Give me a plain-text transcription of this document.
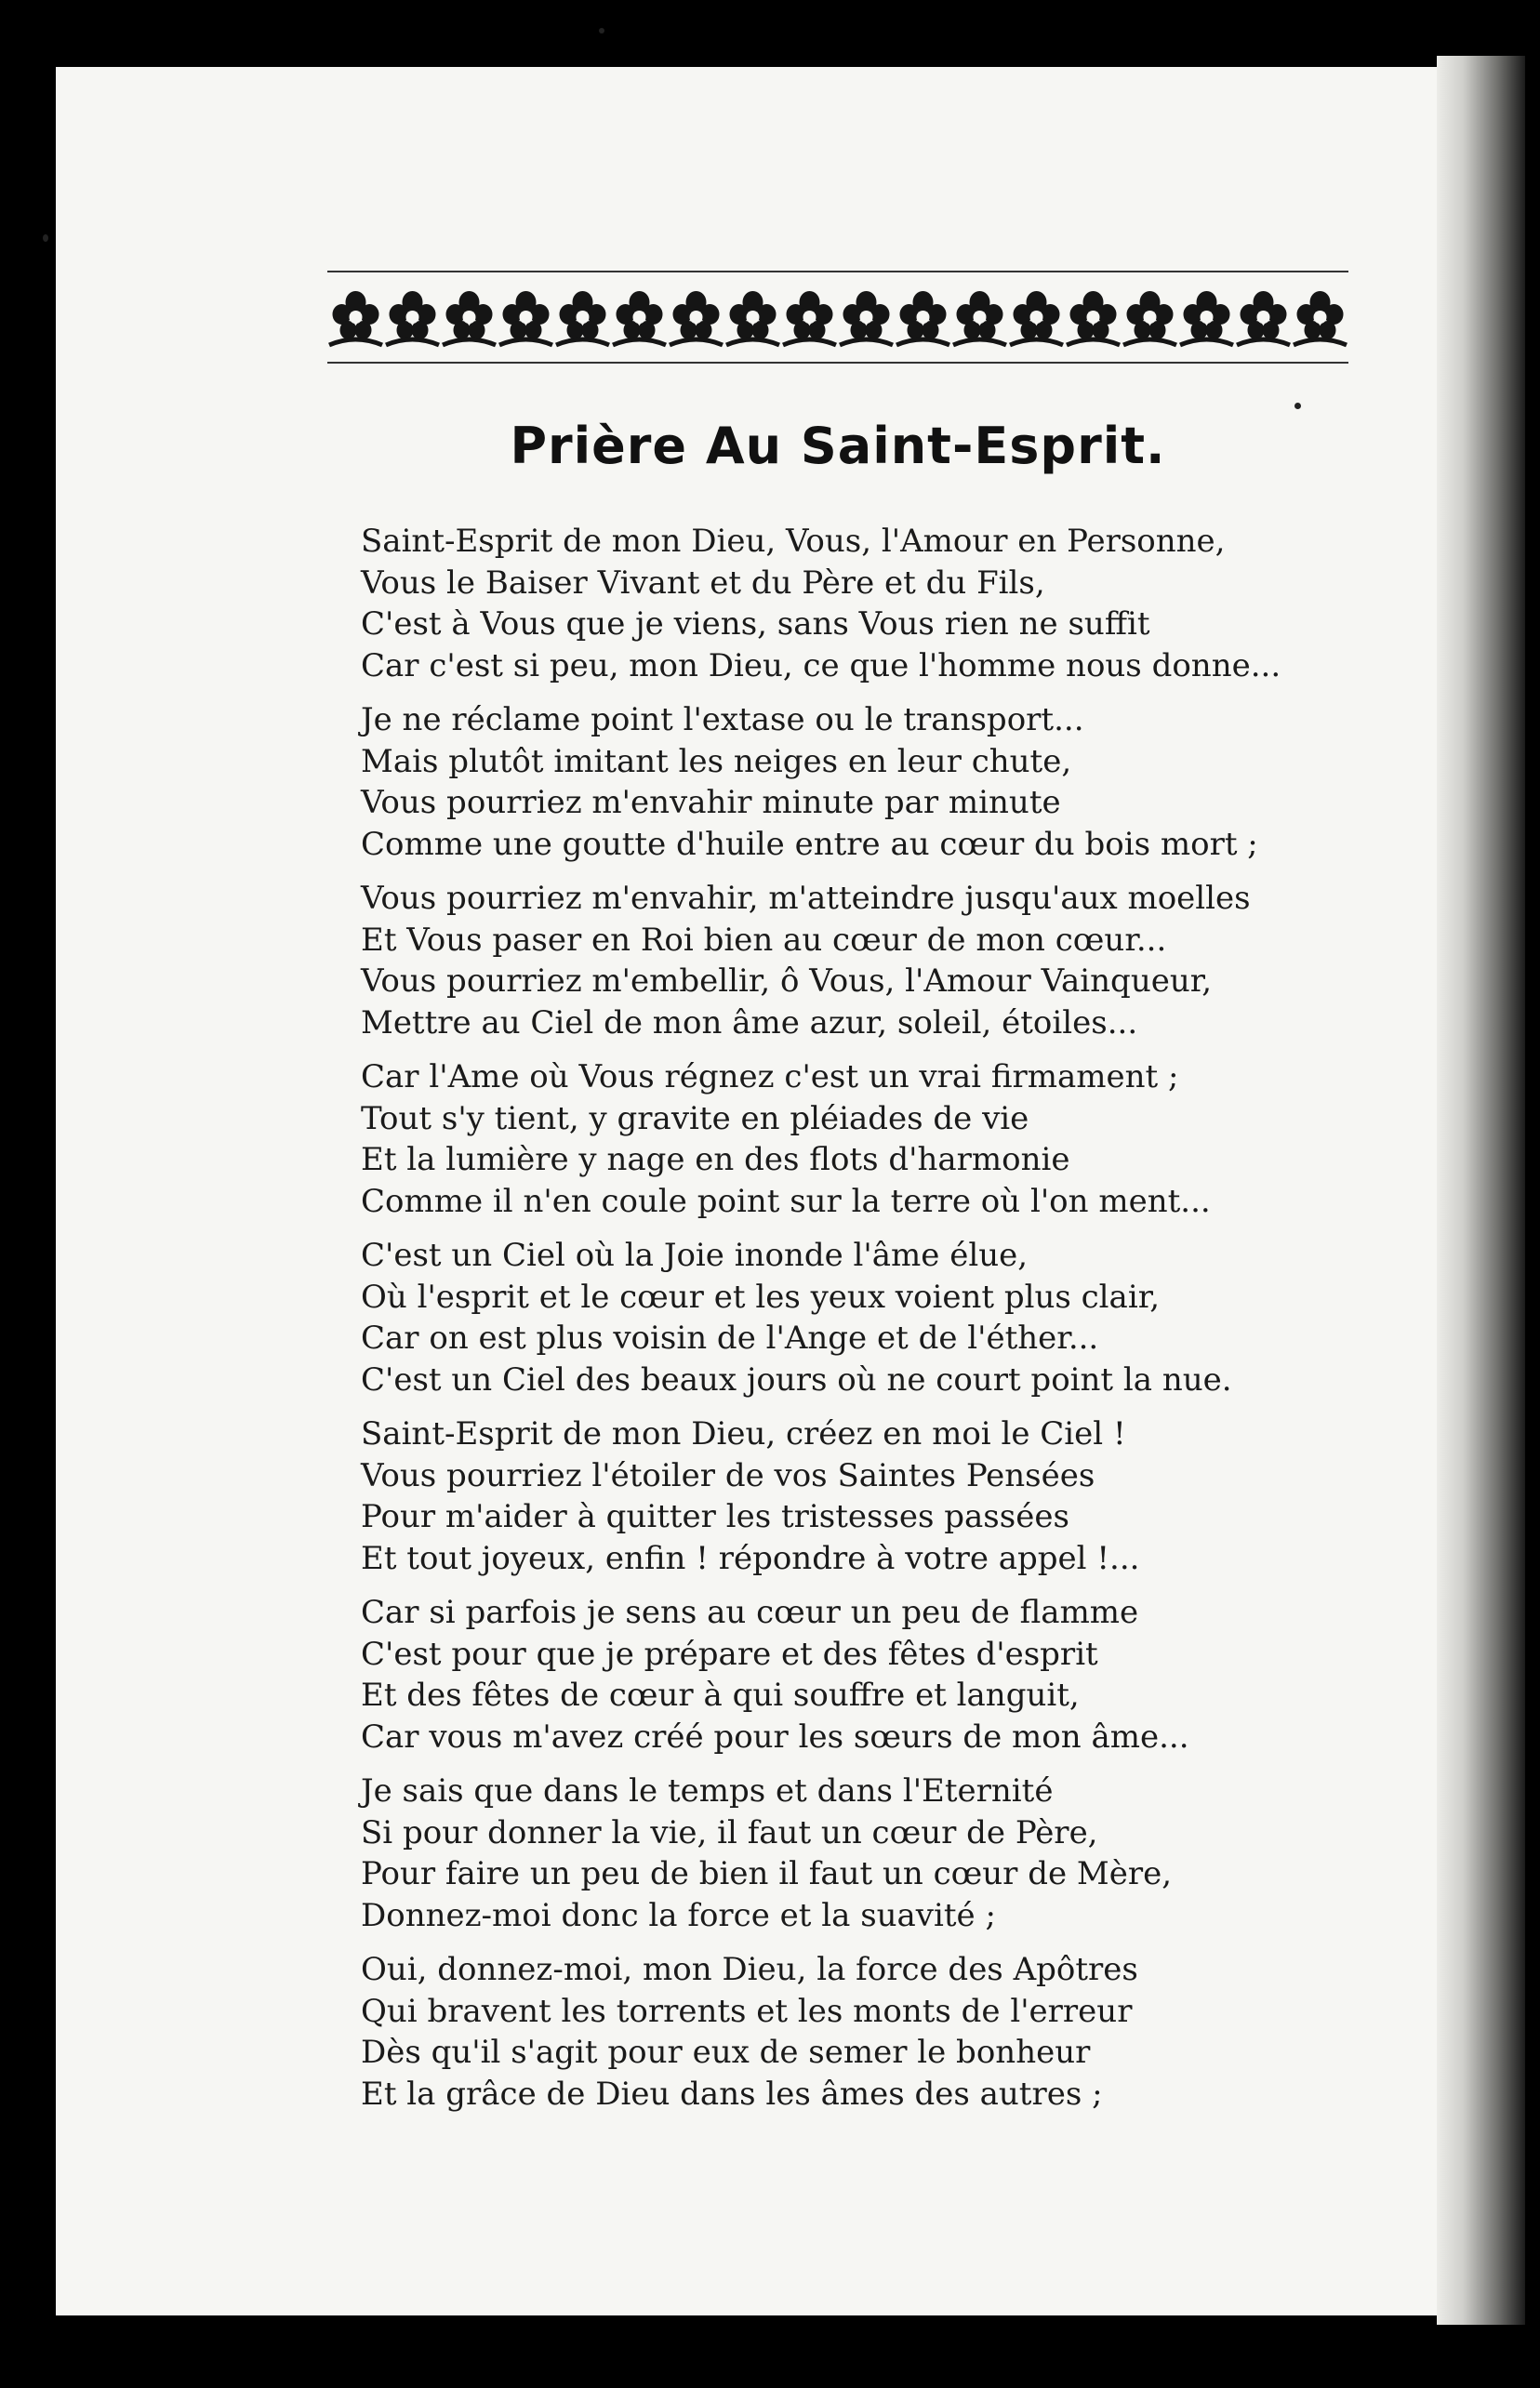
Prière Au Saint-Esprit.
Saint-Esprit de mon Dieu, Vous, l'Amour en Personne,
Vous le Baiser Vivant et du Père et du Fils,
C'est à Vous que je viens, sans Vous rien ne suffit
Car c'est si peu, mon Dieu, ce que l'homme nous donne...
Je ne réclame point l'extase ou le transport...
Mais plutôt imitant les neiges en leur chute,
Vous pourriez m'envahir minute par minute
Comme une goutte d'huile entre au cœur du bois mort ;
Vous pourriez m'envahir, m'atteindre jusqu'aux moelles
Et Vous paser en Roi bien au cœur de mon cœur...
Vous pourriez m'embellir, ô Vous, l'Amour Vainqueur,
Mettre au Ciel de mon âme azur, soleil, étoiles...
Car l'Ame où Vous régnez c'est un vrai firmament ;
Tout s'y tient, y gravite en pléiades de vie
Et la lumière y nage en des flots d'harmonie
Comme il n'en coule point sur la terre où l'on ment...
C'est un Ciel où la Joie inonde l'âme élue,
Où l'esprit et le cœur et les yeux voient plus clair,
Car on est plus voisin de l'Ange et de l'éther...
C'est un Ciel des beaux jours où ne court point la nue.
Saint-Esprit de mon Dieu, créez en moi le Ciel !
Vous pourriez l'étoiler de vos Saintes Pensées
Pour m'aider à quitter les tristesses passées
Et tout joyeux, enfin ! répondre à votre appel !...
Car si parfois je sens au cœur un peu de flamme
C'est pour que je prépare et des fêtes d'esprit
Et des fêtes de cœur à qui souffre et languit,
Car vous m'avez créé pour les sœurs de mon âme...
Je sais que dans le temps et dans l'Eternité
Si pour donner la vie, il faut un cœur de Père,
Pour faire un peu de bien il faut un cœur de Mère,
Donnez-moi donc la force et la suavité ;
Oui, donnez-moi, mon Dieu, la force des Apôtres
Qui bravent les torrents et les monts de l'erreur
Dès qu'il s'agit pour eux de semer le bonheur
Et la grâce de Dieu dans les âmes des autres ;
